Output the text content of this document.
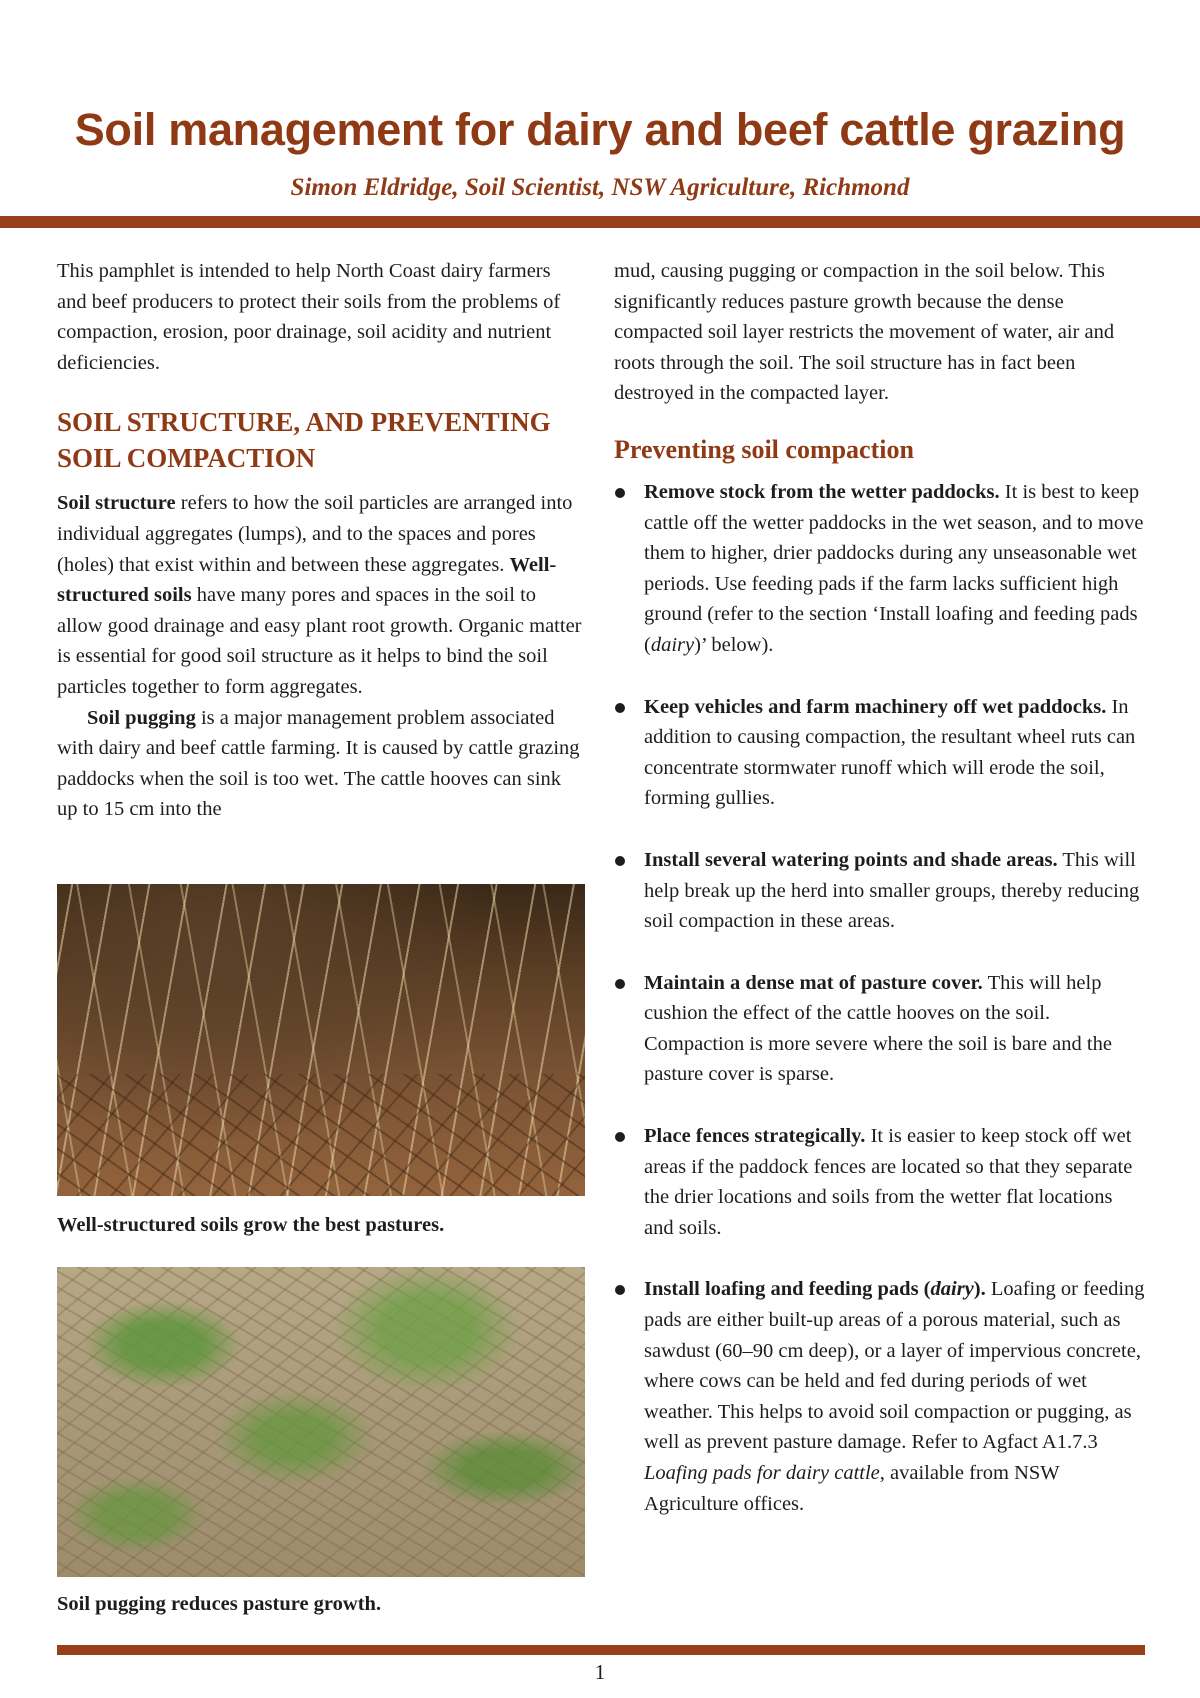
Soil management for dairy and beef cattle grazing
Simon Eldridge, Soil Scientist, NSW Agriculture, Richmond

This pamphlet is intended to help North Coast dairy farmers and beef producers to protect their soils from the problems of compaction, erosion, poor drainage, soil acidity and nutrient deficiencies.

SOIL STRUCTURE, AND PREVENTING
SOIL COMPACTION

Soil structure refers to how the soil particles are arranged into individual aggregates (lumps), and to the spaces and pores (holes) that exist within and between these aggregates. Well-structured soils have many pores and spaces in the soil to allow good drainage and easy plant root growth. Organic matter is essential for good soil structure as it helps to bind the soil particles together to form aggregates.

Soil pugging is a major management problem associated with dairy and beef cattle farming. It is caused by cattle grazing paddocks when the soil is too wet. The cattle hooves can sink up to 15 cm into the

Well-structured soils grow the best pastures.
Soil pugging reduces pasture growth.

mud, causing pugging or compaction in the soil below. This significantly reduces pasture growth because the dense compacted soil layer restricts the movement of water, air and roots through the soil. The soil structure has in fact been destroyed in the compacted layer.

Preventing soil compaction
Remove stock from the wetter paddocks. It is best to keep cattle off the wetter paddocks in the wet season, and to move them to higher, drier paddocks during any unseasonable wet periods. Use feeding pads if the farm lacks sufficient high ground (refer to the section ‘Install loafing and feeding pads (dairy)’ below).
Keep vehicles and farm machinery off wet paddocks. In addition to causing compaction, the resultant wheel ruts can concentrate stormwater runoff which will erode the soil, forming gullies.
Install several watering points and shade areas. This will help break up the herd into smaller groups, thereby reducing soil compaction in these areas.
Maintain a dense mat of pasture cover. This will help cushion the effect of the cattle hooves on the soil. Compaction is more severe where the soil is bare and the pasture cover is sparse.
Place fences strategically. It is easier to keep stock off wet areas if the paddock fences are located so that they separate the drier locations and soils from the wetter flat locations and soils.
Install loafing and feeding pads (dairy). Loafing or feeding pads are either built-up areas of a porous material, such as sawdust (60–90 cm deep), or a layer of impervious concrete, where cows can be held and fed during periods of wet weather. This helps to avoid soil compaction or pugging, as well as prevent pasture damage. Refer to Agfact A1.7.3 Loafing pads for dairy cattle, available from NSW Agriculture offices.
1
